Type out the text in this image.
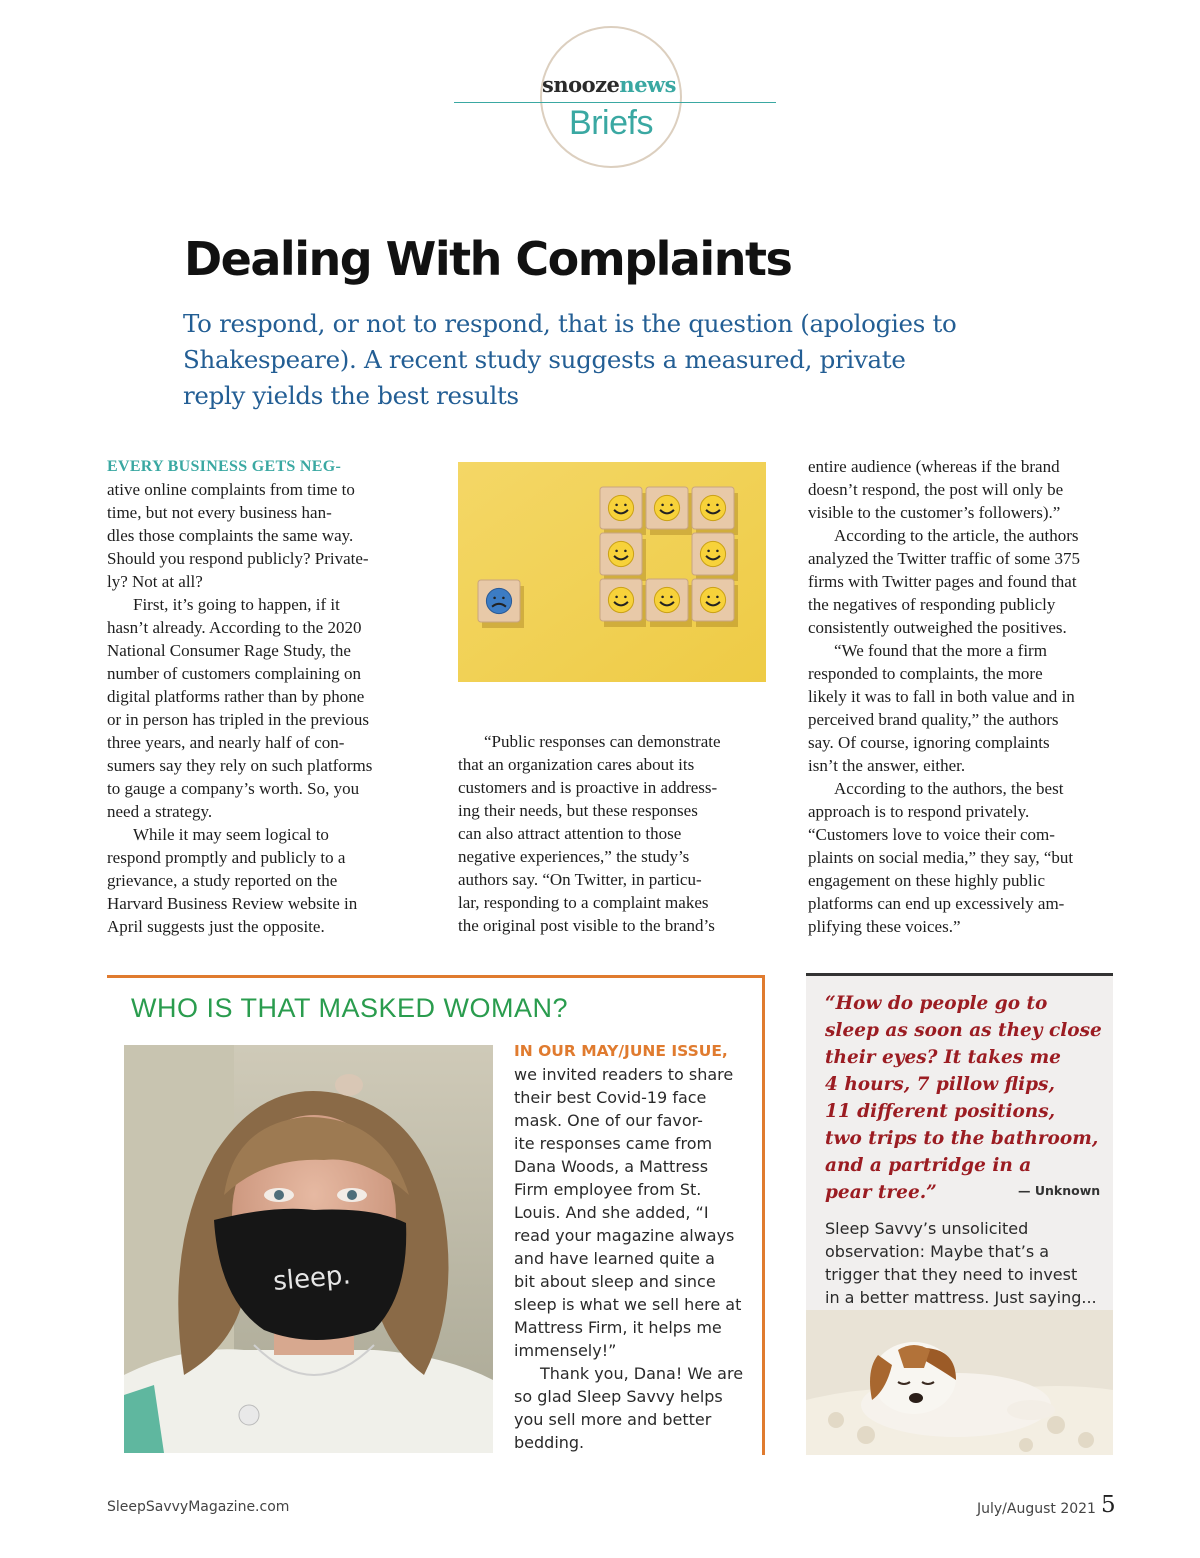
snoozenews
Briefs
Dealing With Complaints
To respond, or not to respond, that is the question (apologies to Shakespeare). A recent study suggests a measured, private reply yields the best results
EVERY BUSINESS GETS NEG-
ative online complaints from time to
time, but not every business han-
dles those complaints the same way.
Should you respond publicly? Private-
ly? Not at all?
First, it’s going to happen, if it
hasn’t already. According to the 2020
National Consumer Rage Study, the
number of customers complaining on
digital platforms rather than by phone
or in person has tripled in the previous
three years, and nearly half of con-
sumers say they rely on such platforms
to gauge a company’s worth. So, you
need a strategy.
While it may seem logical to
respond promptly and publicly to a
grievance, a study reported on the
Harvard Business Review website in
April suggests just the opposite.
“Public responses can demonstrate
that an organization cares about its
customers and is proactive in address-
ing their needs, but these responses
can also attract attention to those
negative experiences,” the study’s
authors say. “On Twitter, in particu-
lar, responding to a complaint makes
the original post visible to the brand’s
entire audience (whereas if the brand
doesn’t respond, the post will only be
visible to the customer’s followers).”
According to the article, the authors
analyzed the Twitter traffic of some 375
firms with Twitter pages and found that
the negatives of responding publicly
consistently outweighed the positives.
“We found that the more a firm
responded to complaints, the more
likely it was to fall in both value and in
perceived brand quality,” the authors
say. Of course, ignoring complaints
isn’t the answer, either.
According to the authors, the best
approach is to respond privately.
“Customers love to voice their com-
plaints on social media,” they say, “but
engagement on these highly public
platforms can end up excessively am-
plifying these voices.”
WHO IS THAT MASKED WOMAN?
sleep.
IN OUR MAY/JUNE ISSUE,
we invited readers to share
their best Covid-19 face
mask. One of our favor-
ite responses came from
Dana Woods, a Mattress
Firm employee from St.
Louis. And she added, “I
read your magazine always
and have learned quite a
bit about sleep and since
sleep is what we sell here at
Mattress Firm, it helps me
immensely!”
Thank you, Dana! We are
so glad Sleep Savvy helps
you sell more and better
bedding.
“How do people go to
sleep as soon as they close
their eyes? It takes me
4 hours, 7 pillow flips,
11 different positions,
two trips to the bathroom,
and a partridge in a
pear tree.”	— Unknown
Sleep Savvy’s unsolicited
observation: Maybe that’s a
trigger that they need to invest
in a better mattress. Just saying...
SleepSavvyMagazine.com	July/August 2021 5
